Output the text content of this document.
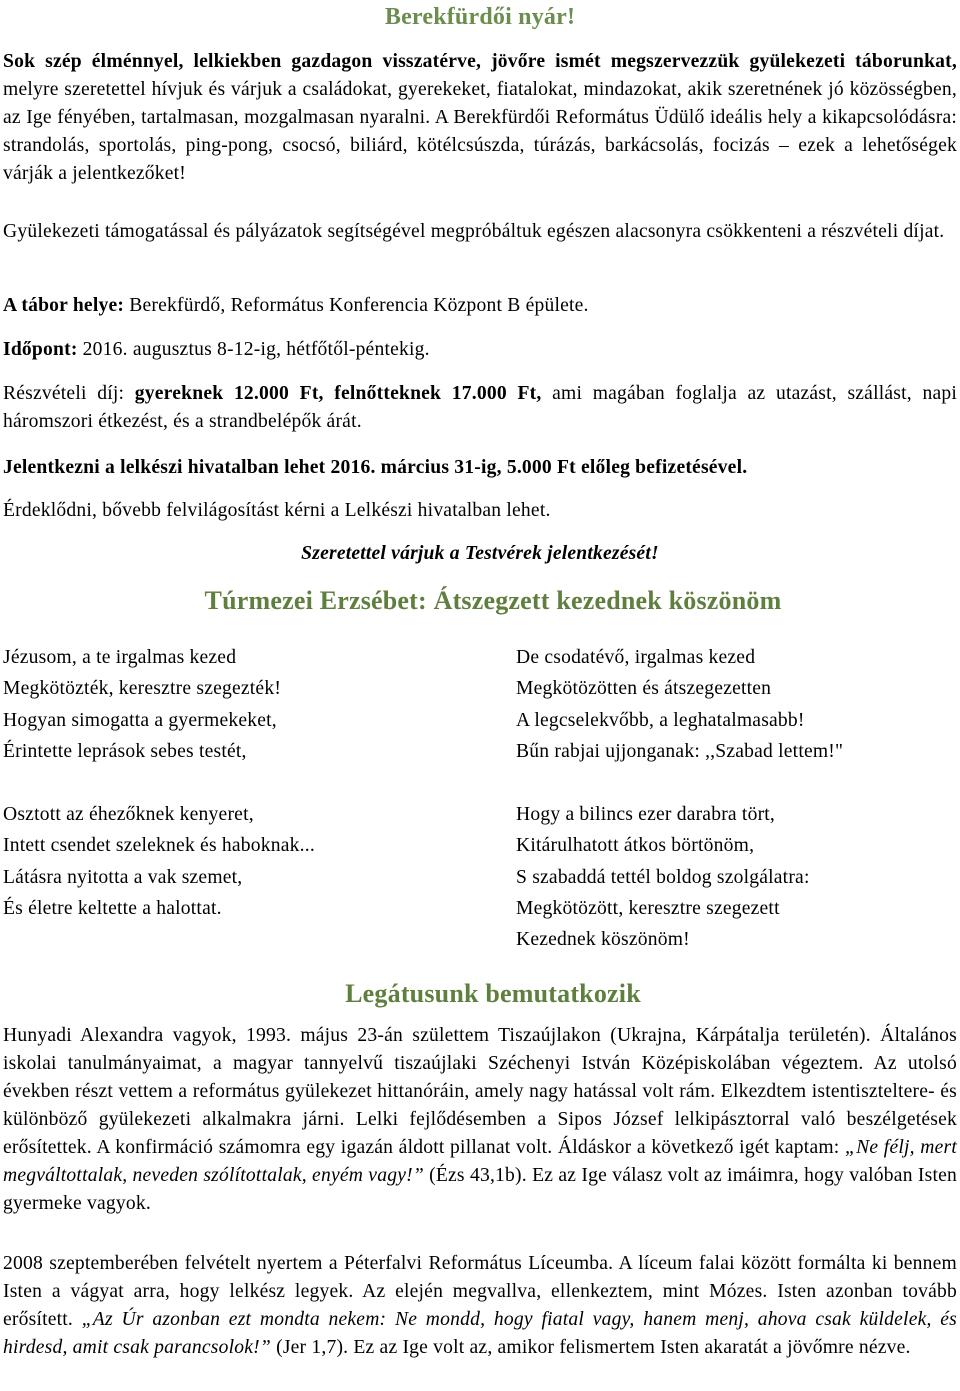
Berekfürdői nyár!
Sok szép élménnyel, lelkiekben gazdagon visszatérve, jövőre ismét megszervezzük gyülekezeti táborunkat, melyre szeretettel hívjuk és várjuk a családokat, gyerekeket, fiatalokat, mindazokat, akik szeretnének jó közösségben, az Ige fényében, tartalmasan, mozgalmasan nyaralni. A Berekfürdői Református Üdülő ideális hely a kikapcsolódásra: strandolás, sportolás, ping-pong, csocsó, biliárd, kötélcsúszda, túrázás, barkácsolás, focizás – ezek a lehetőségek várják a jelentkezőket!
Gyülekezeti támogatással és pályázatok segítségével megpróbáltuk egészen alacsonyra csökkenteni a részvételi díjat.
A tábor helye: Berekfürdő, Református Konferencia Központ B épülete.
Időpont: 2016. augusztus 8-12-ig, hétfőtől-péntekig.
Részvételi díj: gyereknek 12.000 Ft, felnőtteknek 17.000 Ft, ami magában foglalja az utazást, szállást, napi háromszori étkezést, és a strandbelépők árát.
Jelentkezni a lelkészi hivatalban lehet 2016. március 31-ig, 5.000 Ft előleg befizetésével.
Érdeklődni, bővebb felvilágosítást kérni a Lelkészi hivatalban lehet.
Szeretettel várjuk a Testvérek jelentkezését!
Túrmezei Erzsébet: Átszegzett kezednek köszönöm
Jézusom, a te irgalmas kezed
Megkötözték, keresztre szegezték!
Hogyan simogatta a gyermekeket,
Érintette leprások sebes testét,
Osztott az éhezőknek kenyeret,
Intett csendet szeleknek és haboknak...
Látásra nyitotta a vak szemet,
És életre keltette a halottat.
De csodatévő, irgalmas kezed
Megkötözötten és átszegezetten
A legcselekvőbb, a leghatalmasabb!
Bűn rabjai ujjonganak: ,,Szabad lettem!"
Hogy a bilincs ezer darabra tört,
Kitárulhatott átkos börtönöm,
S szabaddá tettél boldog szolgálatra:
Megkötözött, keresztre szegezett
Kezednek köszönöm!
Legátusunk bemutatkozik
Hunyadi Alexandra vagyok, 1993. május 23-án születtem Tiszaújlakon (Ukrajna, Kárpátalja területén). Általános iskolai tanulmányaimat, a magyar tannyelvű tiszaújlaki Széchenyi István Középiskolában végeztem. Az utolsó években részt vettem a református gyülekezet hittanóráin, amely nagy hatással volt rám. Elkezdtem istentiszteltere- és különböző gyülekezeti alkalmakra járni. Lelki fejlődésemben a Sipos József lelkipásztorral való beszélgetések erősítettek. A konfirmáció számomra egy igazán áldott pillanat volt. Áldáskor a következő igét kaptam: „Ne félj, mert megváltottalak, neveden szólítottalak, enyém vagy!” (Ézs 43,1b). Ez az Ige válasz volt az imáimra, hogy valóban Isten gyermeke vagyok.
2008 szeptemberében felvételt nyertem a Péterfalvi Református Líceumba. A líceum falai között formálta ki bennem Isten a vágyat arra, hogy lelkész legyek. Az elején megvallva, ellenkeztem, mint Mózes. Isten azonban tovább erősített. „Az Úr azonban ezt mondta nekem: Ne mondd, hogy fiatal vagy, hanem menj, ahova csak küldelek, és hirdesd, amit csak parancsolok!” (Jer 1,7). Ez az Ige volt az, amikor felismertem Isten akaratát a jövőmre nézve.
